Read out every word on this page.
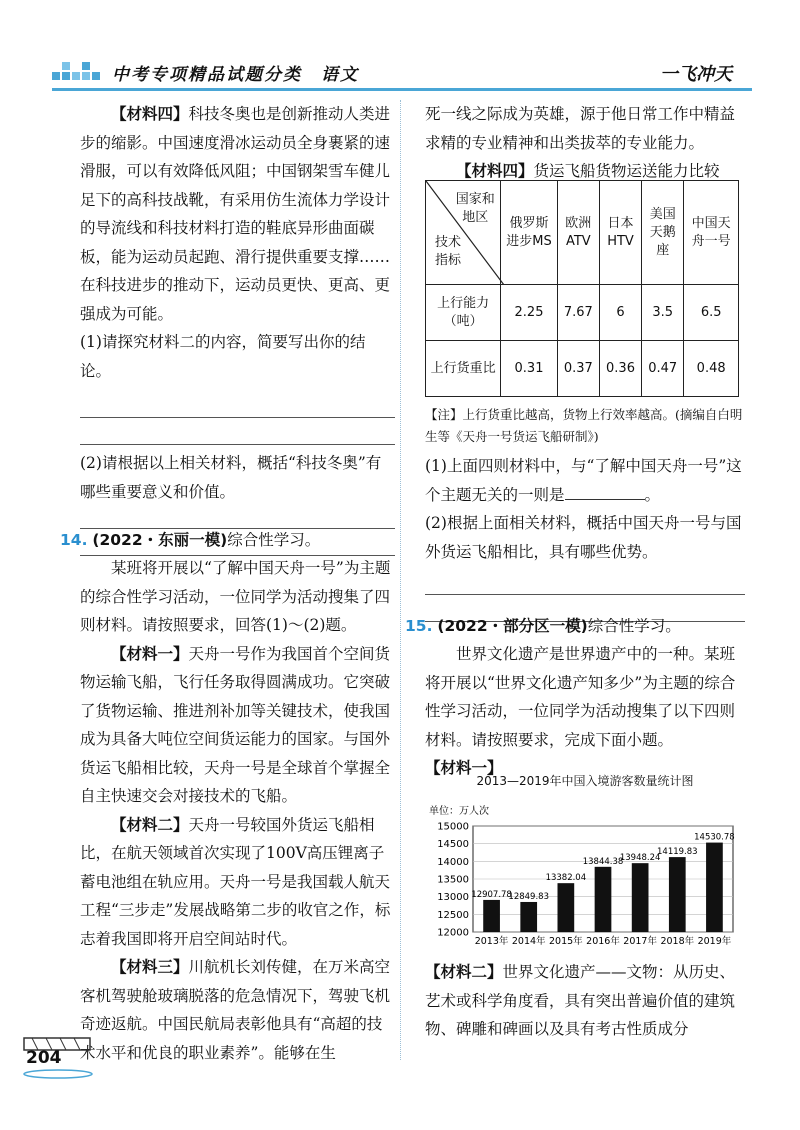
中考专项精品试题分类　语文	一飞冲天

【材料四】科技冬奥也是创新推动人类进步的缩影。中国速度滑冰运动员全身裹紧的速滑服，可以有效降低风阻；中国钢架雪车健儿足下的高科技战靴，有采用仿生流体力学设计的导流线和科技材料打造的鞋底异形曲面碳板，能为运动员起跑、滑行提供重要支撑……在科技进步的推动下，运动员更快、更高、更强成为可能。

(1)请探究材料二的内容，简要写出你的结论。

(2)请根据以上相关材料，概括“科技冬奥”有哪些重要意义和价值。

14. (2022・东丽一模)综合性学习。

某班将开展以“了解中国天舟一号”为主题的综合性学习活动，一位同学为活动搜集了四则材料。请按照要求，回答(1)～(2)题。

【材料一】天舟一号作为我国首个空间货物运输飞船，飞行任务取得圆满成功。它突破了货物运输、推进剂补加等关键技术，使我国成为具备大吨位空间货运能力的国家。与国外货运飞船相比较，天舟一号是全球首个掌握全自主快速交会对接技术的飞船。

【材料二】天舟一号较国外货运飞船相比，在航天领域首次实现了100V高压锂离子蓄电池组在轨应用。天舟一号是我国载人航天工程“三步走”发展战略第二步的收官之作，标志着我国即将开启空间站时代。

【材料三】川航机长刘传健，在万米高空客机驾驶舱玻璃脱落的危急情况下，驾驶飞机奇迹返航。中国民航局表彰他具有“高超的技术水平和优良的职业素养”。能够在生

死一线之际成为英雄，源于他日常工作中精益求精的专业精神和出类拔萃的专业能力。

【材料四】货运飞船货物运送能力比较

国家和地区
技术指标	俄罗斯进步MS	欧洲ATV	日本HTV	美国天鹅座	中国天舟一号
上行能力（吨）	2.25	7.67	6	3.5	6.5
上行货重比	0.31	0.37	0.36	0.47	0.48

【注】上行货重比越高，货物上行效率越高。(摘编自白明生等《天舟一号货运飞船研制》)

(1)上面四则材料中，与“了解中国天舟一号”这个主题无关的一则是	。

(2)根据上面相关材料，概括中国天舟一号与国外货运飞船相比，具有哪些优势。

15. (2022・部分区一模)综合性学习。

世界文化遗产是世界遗产中的一种。某班将开展以“世界文化遗产知多少”为主题的综合性学习活动，一位同学为活动搜集了以下四则材料。请按照要求，完成下面小题。

【材料一】

2013—2019年中国入境游客数量统计图
单位：万人次
15000
14500
14000
13500
13000
12500
12000
12907.78
2013年
12849.83
2014年
13382.04
2015年
13844.38
2016年
13948.24
2017年
14119.83
2018年
14530.78
2019年

【材料二】世界文化遗产——文物：从历史、艺术或科学角度看，具有突出普遍价值的建筑物、碑雕和碑画以及具有考古性质成分

204
